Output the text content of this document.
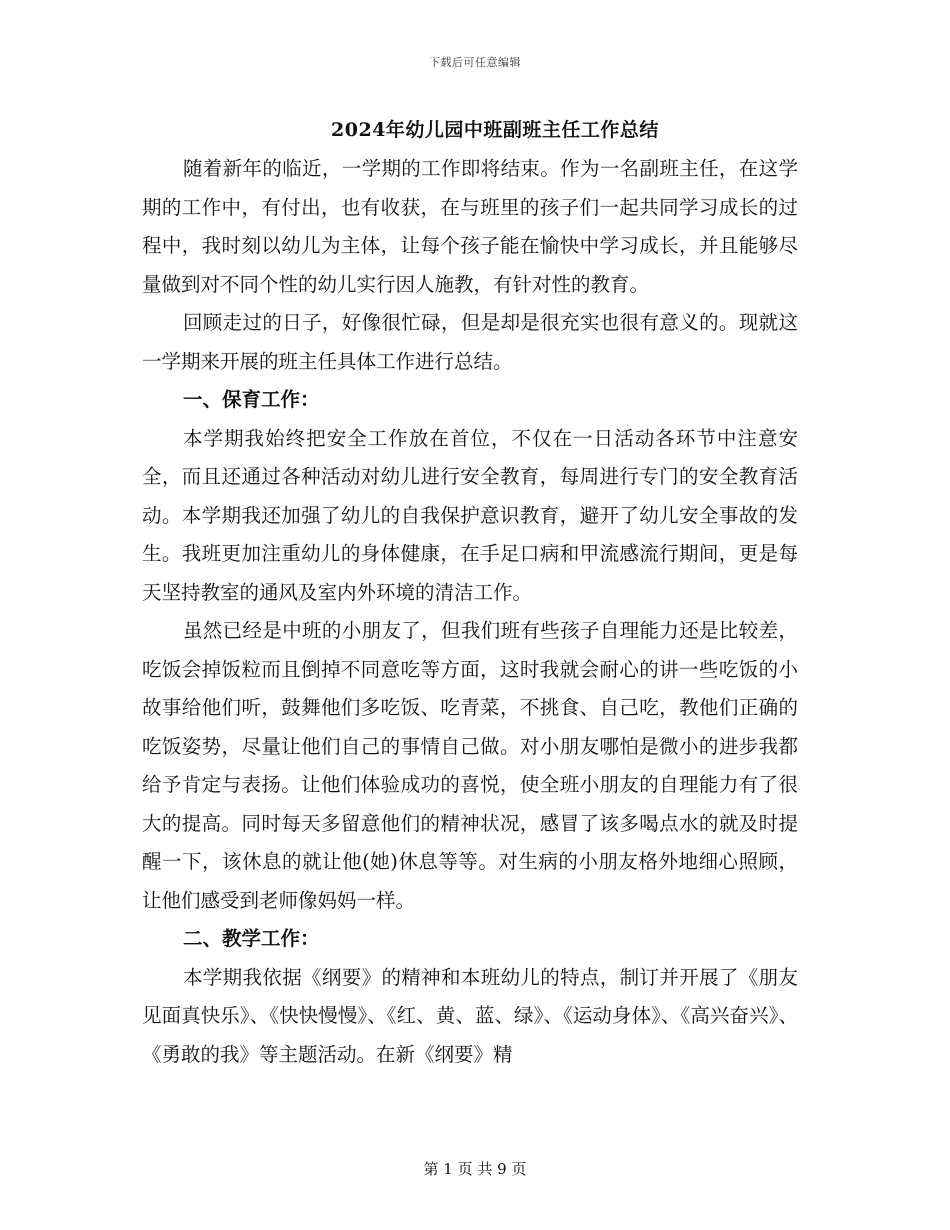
下载后可任意编辑
2024年幼儿园中班副班主任工作总结

随着新年的临近，一学期的工作即将结束。作为一名副班主任，在这学期的工作中，有付出，也有收获，在与班里的孩子们一起共同学习成长的过程中，我时刻以幼儿为主体，让每个孩子能在愉快中学习成长，并且能够尽量做到对不同个性的幼儿实行因人施教，有针对性的教育。

回顾走过的日子，好像很忙碌，但是却是很充实也很有意义的。现就这一学期来开展的班主任具体工作进行总结。

一、保育工作：

本学期我始终把安全工作放在首位，不仅在一日活动各环节中注意安全，而且还通过各种活动对幼儿进行安全教育，每周进行专门的安全教育活动。本学期我还加强了幼儿的自我保护意识教育，避开了幼儿安全事故的发生。我班更加注重幼儿的身体健康，在手足口病和甲流感流行期间，更是每天坚持教室的通风及室内外环境的清洁工作。

虽然已经是中班的小朋友了，但我们班有些孩子自理能力还是比较差，吃饭会掉饭粒而且倒掉不同意吃等方面，这时我就会耐心的讲一些吃饭的小故事给他们听，鼓舞他们多吃饭、吃青菜，不挑食、自己吃，教他们正确的吃饭姿势，尽量让他们自己的事情自己做。对小朋友哪怕是微小的进步我都给予肯定与表扬。让他们体验成功的喜悦，使全班小朋友的自理能力有了很大的提高。同时每天多留意他们的精神状况，感冒了该多喝点水的就及时提醒一下，该休息的就让他(她)休息等等。对生病的小朋友格外地细心照顾，让他们感受到老师像妈妈一样。

二、教学工作：

本学期我依据《纲要》的精神和本班幼儿的特点，制订并开展了《朋友见面真快乐》、《快快慢慢》、《红、黄、蓝、绿》、《运动身体》、《高兴奋兴》、《勇敢的我》等主题活动。在新《纲要》精

第 1 页 共 9 页
